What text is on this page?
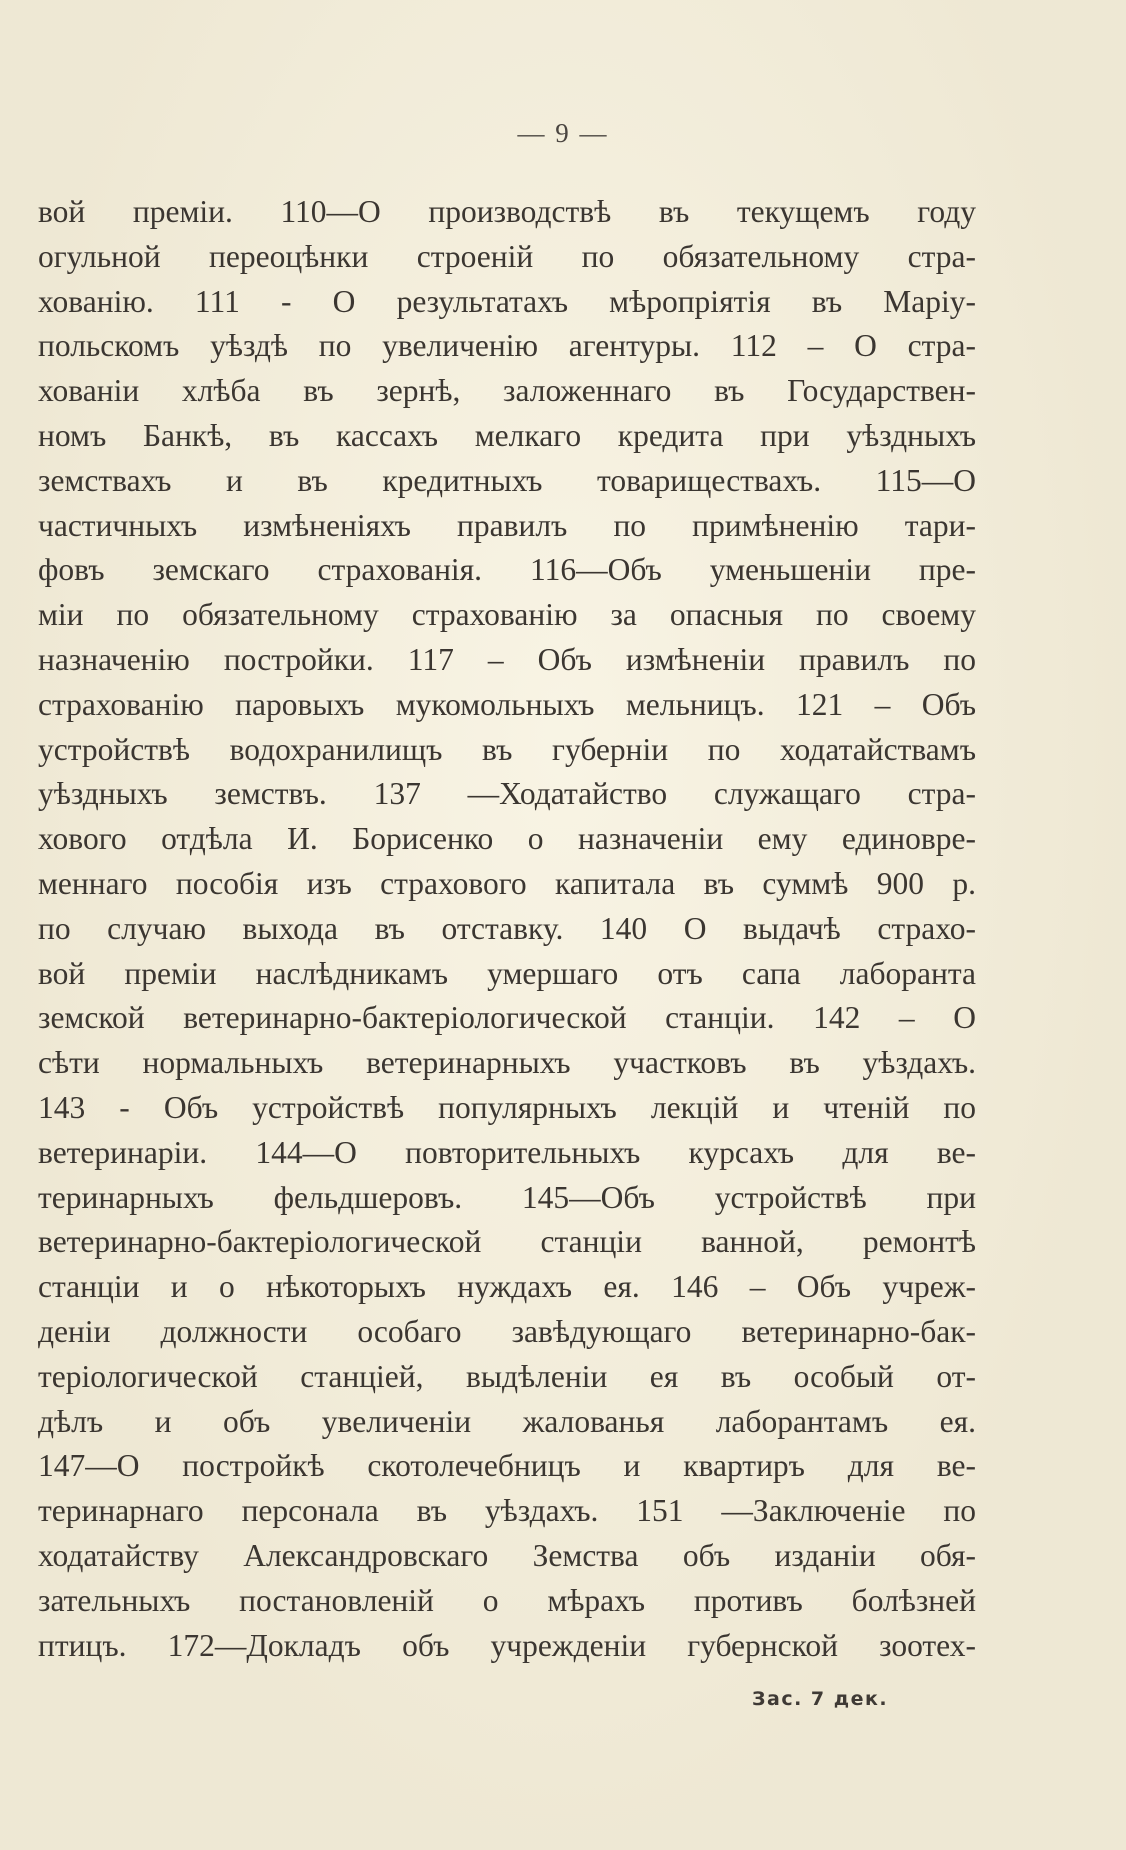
— 9 —
вой преміи. 110—О производствѣ въ текущемъ году
огульной переоцѣнки строеній по обязательному стра-
хованію. 111 - О результатахъ мѣропріятія въ Маріу-
польскомъ уѣздѣ по увеличенію агентуры. 112 – О стра-
хованіи хлѣба въ зернѣ, заложеннаго въ Государствен-
номъ Банкѣ, въ кассахъ мелкаго кредита при уѣздныхъ
земствахъ и въ кредитныхъ товариществахъ. 115—О
частичныхъ измѣненіяхъ правилъ по примѣненію тари-
фовъ земскаго страхованія. 116—Объ уменьшеніи пре-
міи по обязательному страхованію за опасныя по своему
назначенію постройки. 117 – Объ измѣненіи правилъ по
страхованію паровыхъ мукомольныхъ мельницъ. 121 – Объ
устройствѣ водохранилищъ въ губерніи по ходатайствамъ
уѣздныхъ земствъ. 137 —Ходатайство служащаго стра-
хового отдѣла И. Борисенко о назначеніи ему единовре-
меннаго пособія изъ страхового капитала въ суммѣ 900 р.
по случаю выхода въ отставку. 140 О выдачѣ страхо-
вой преміи наслѣдникамъ умершаго отъ сапа лаборанта
земской ветеринарно-бактеріологической станціи. 142 – О
сѣти нормальныхъ ветеринарныхъ участковъ въ уѣздахъ.
143 - Объ устройствѣ популярныхъ лекцій и чтеній по
ветеринаріи. 144—О повторительныхъ курсахъ для ве-
теринарныхъ фельдшеровъ. 145—Объ устройствѣ при
ветеринарно-бактеріологической станціи ванной, ремонтѣ
станціи и о нѣкоторыхъ нуждахъ ея. 146 – Объ учреж-
деніи должности особаго завѣдующаго ветеринарно-бак-
теріологической станціей, выдѣленіи ея въ особый от-
дѣлъ и объ увеличеніи жалованья лаборантамъ ея.
147—О постройкѣ скотолечебницъ и квартиръ для ве-
теринарнаго персонала въ уѣздахъ. 151 —Заключеніе по
ходатайству Александровскаго Земства объ изданіи обя-
зательныхъ постановленій о мѣрахъ противъ болѣзней
птицъ. 172—Докладъ объ учрежденіи губернской зоотех-
Зас. 7 дек.
